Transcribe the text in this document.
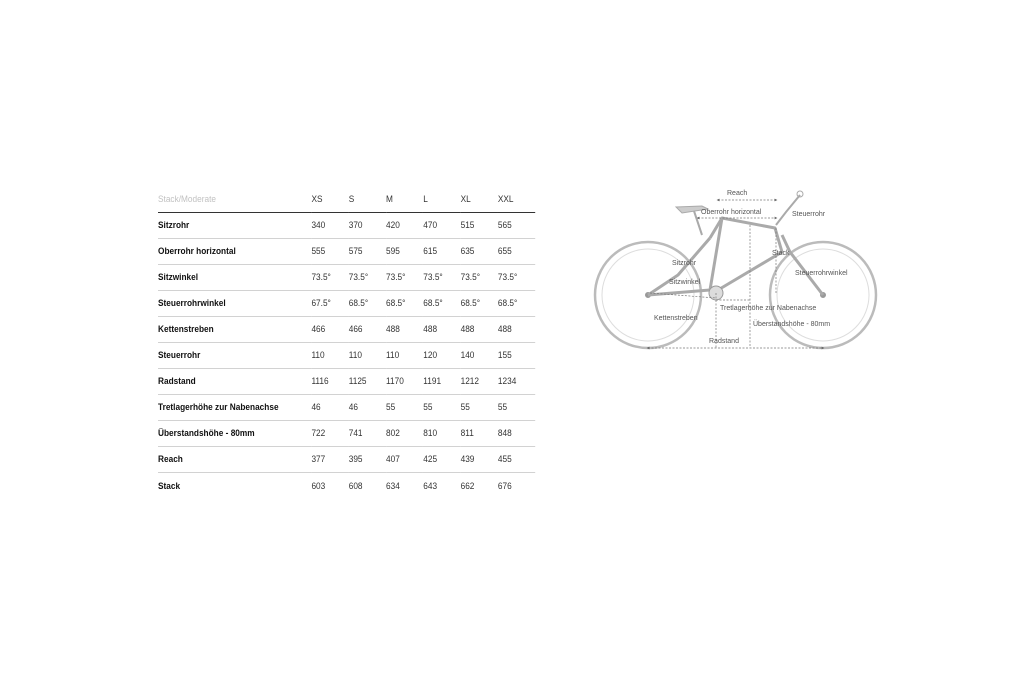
Stack/Moderate	XS	S	M	L	XL	XXL
Sitzrohr	340	370	420	470	515	565
Oberrohr horizontal	555	575	595	615	635	655
Sitzwinkel	73.5°	73.5°	73.5°	73.5°	73.5°	73.5°
Steuerrohrwinkel	67.5°	68.5°	68.5°	68.5°	68.5°	68.5°
Kettenstreben	466	466	488	488	488	488
Steuerrohr	110	110	110	120	140	155
Radstand	1116	1125	1170	1191	1212	1234
Tretlagerhöhe zur Nabenachse	46	46	55	55	55	55
Überstandshöhe - 80mm	722	741	802	810	811	848
Reach	377	395	407	425	439	455
Stack	603	608	634	643	662	676
Reach
Oberrohr horizontal	Steuerrohr
Stack
Sitzrohr
Sitzwinkel
Steuerrohrwinkel
Kettenstreben
Tretlagerhöhe zur Nabenachse
Überstandshöhe - 80mm
Radstand
